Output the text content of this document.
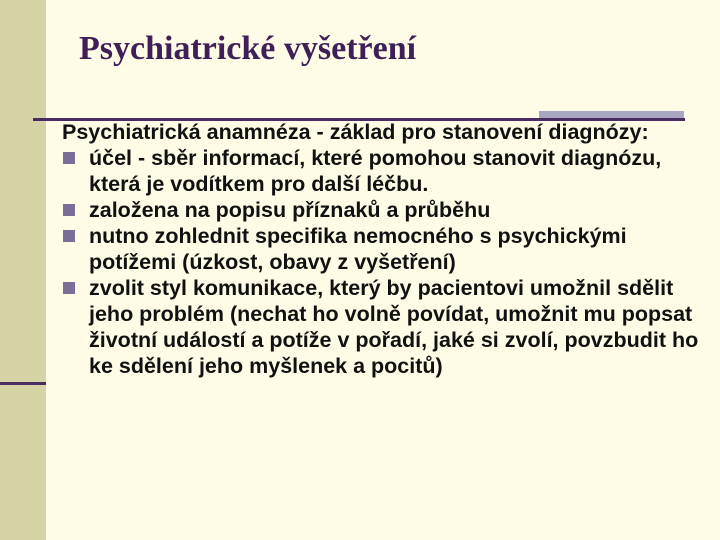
Psychiatrické vyšetření

Psychiatrická anamnéza - základ pro stanovení diagnózy:

účel - sběr informací, které pomohou stanovit diagnózu, která je vodítkem pro další léčbu.
založena na popisu příznaků a průběhu
nutno zohlednit specifika nemocného s psychickými potížemi (úzkost, obavy z vyšetření)
zvolit styl komunikace, který by pacientovi umožnil sdělit jeho problém (nechat ho volně povídat, umožnit mu popsat životní událostí a potíže v pořadí, jaké si zvolí, povzbudit ho ke sdělení jeho myšlenek a pocitů)
